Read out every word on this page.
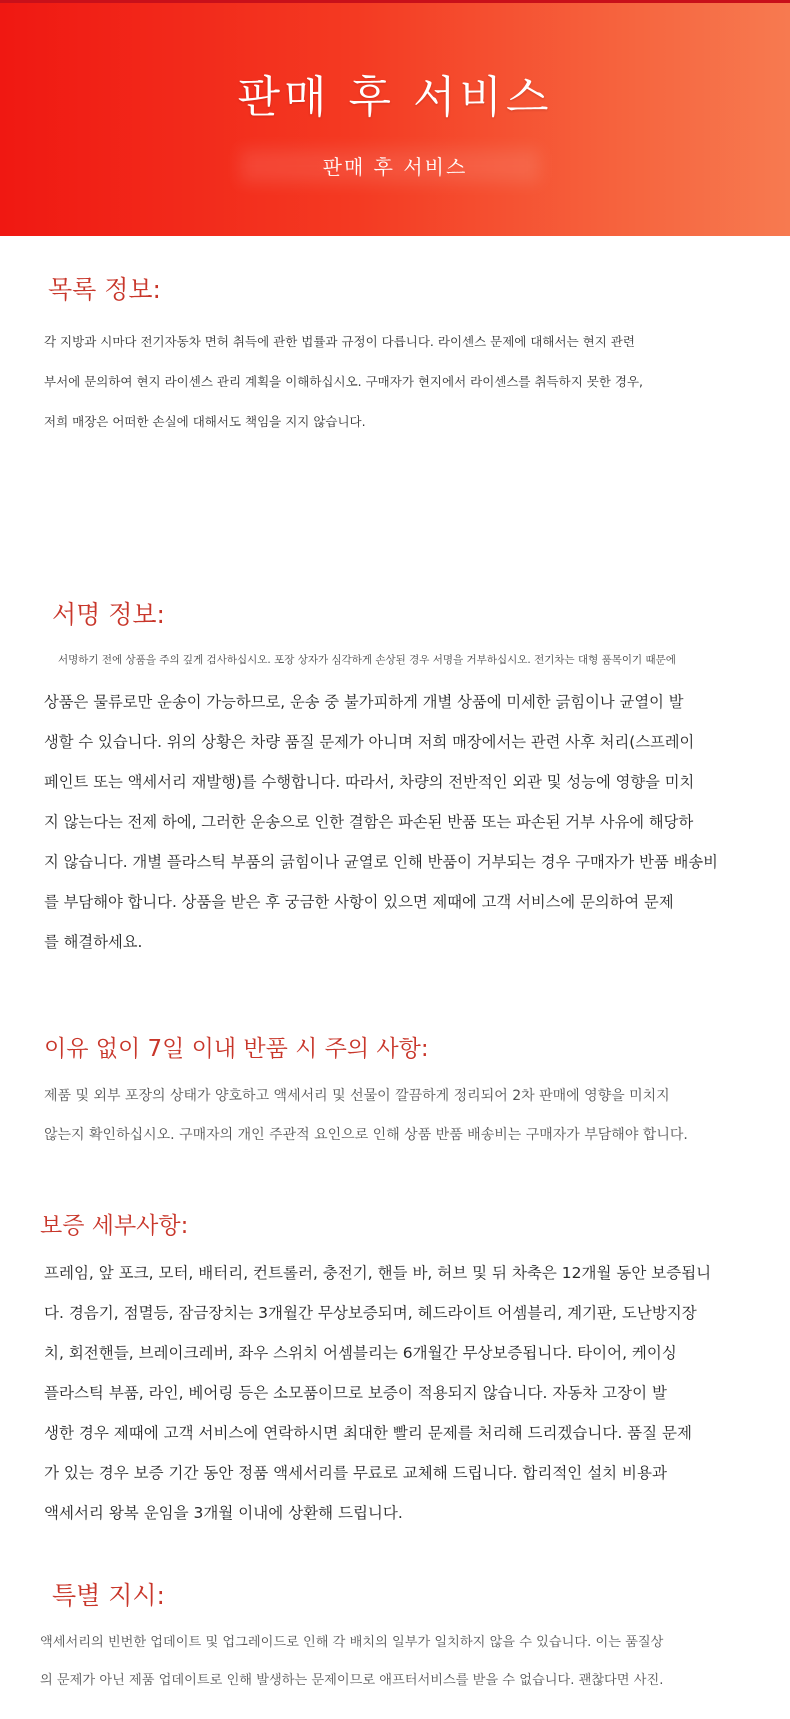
판매 후 서비스
판매 후 서비스
목록 정보:
각 지방과 시마다 전기자동차 면허 취득에 관한 법률과 규정이 다릅니다. 라이센스 문제에 대해서는 현지 관련
부서에 문의하여 현지 라이센스 관리 계획을 이해하십시오. 구매자가 현지에서 라이센스를 취득하지 못한 경우,
저희 매장은 어떠한 손실에 대해서도 책임을 지지 않습니다.
서명 정보:
서명하기 전에 상품을 주의 깊게 검사하십시오. 포장 상자가 심각하게 손상된 경우 서명을 거부하십시오. 전기차는 대형 품목이기 때문에
상품은 물류로만 운송이 가능하므로, 운송 중 불가피하게 개별 상품에 미세한 긁힘이나 균열이 발
생할 수 있습니다. 위의 상황은 차량 품질 문제가 아니며 저희 매장에서는 관련 사후 처리(스프레이
페인트 또는 액세서리 재발행)를 수행합니다. 따라서, 차량의 전반적인 외관 및 성능에 영향을 미치
지 않는다는 전제 하에, 그러한 운송으로 인한 결함은 파손된 반품 또는 파손된 거부 사유에 해당하
지 않습니다. 개별 플라스틱 부품의 긁힘이나 균열로 인해 반품이 거부되는 경우 구매자가 반품 배송비
를 부담해야 합니다. 상품을 받은 후 궁금한 사항이 있으면 제때에 고객 서비스에 문의하여 문제
를 해결하세요.
이유 없이 7일 이내 반품 시 주의 사항:
제품 및 외부 포장의 상태가 양호하고 액세서리 및 선물이 깔끔하게 정리되어 2차 판매에 영향을 미치지
않는지 확인하십시오. 구매자의 개인 주관적 요인으로 인해 상품 반품 배송비는 구매자가 부담해야 합니다.
보증 세부사항:
프레임, 앞 포크, 모터, 배터리, 컨트롤러, 충전기, 핸들 바, 허브 및 뒤 차축은 12개월 동안 보증됩니
다. 경음기, 점멸등, 잠금장치는 3개월간 무상보증되며, 헤드라이트 어셈블리, 계기판, 도난방지장
치, 회전핸들, 브레이크레버, 좌우 스위치 어셈블리는 6개월간 무상보증됩니다. 타이어, 케이싱
플라스틱 부품, 라인, 베어링 등은 소모품이므로 보증이 적용되지 않습니다. 자동차 고장이 발
생한 경우 제때에 고객 서비스에 연락하시면 최대한 빨리 문제를 처리해 드리겠습니다. 품질 문제
가 있는 경우 보증 기간 동안 정품 액세서리를 무료로 교체해 드립니다. 합리적인 설치 비용과
액세서리 왕복 운임을 3개월 이내에 상환해 드립니다.
특별 지시:
액세서리의 빈번한 업데이트 및 업그레이드로 인해 각 배치의 일부가 일치하지 않을 수 있습니다. 이는 품질상
의 문제가 아닌 제품 업데이트로 인해 발생하는 문제이므로 애프터서비스를 받을 수 없습니다. 괜찮다면 사진.
